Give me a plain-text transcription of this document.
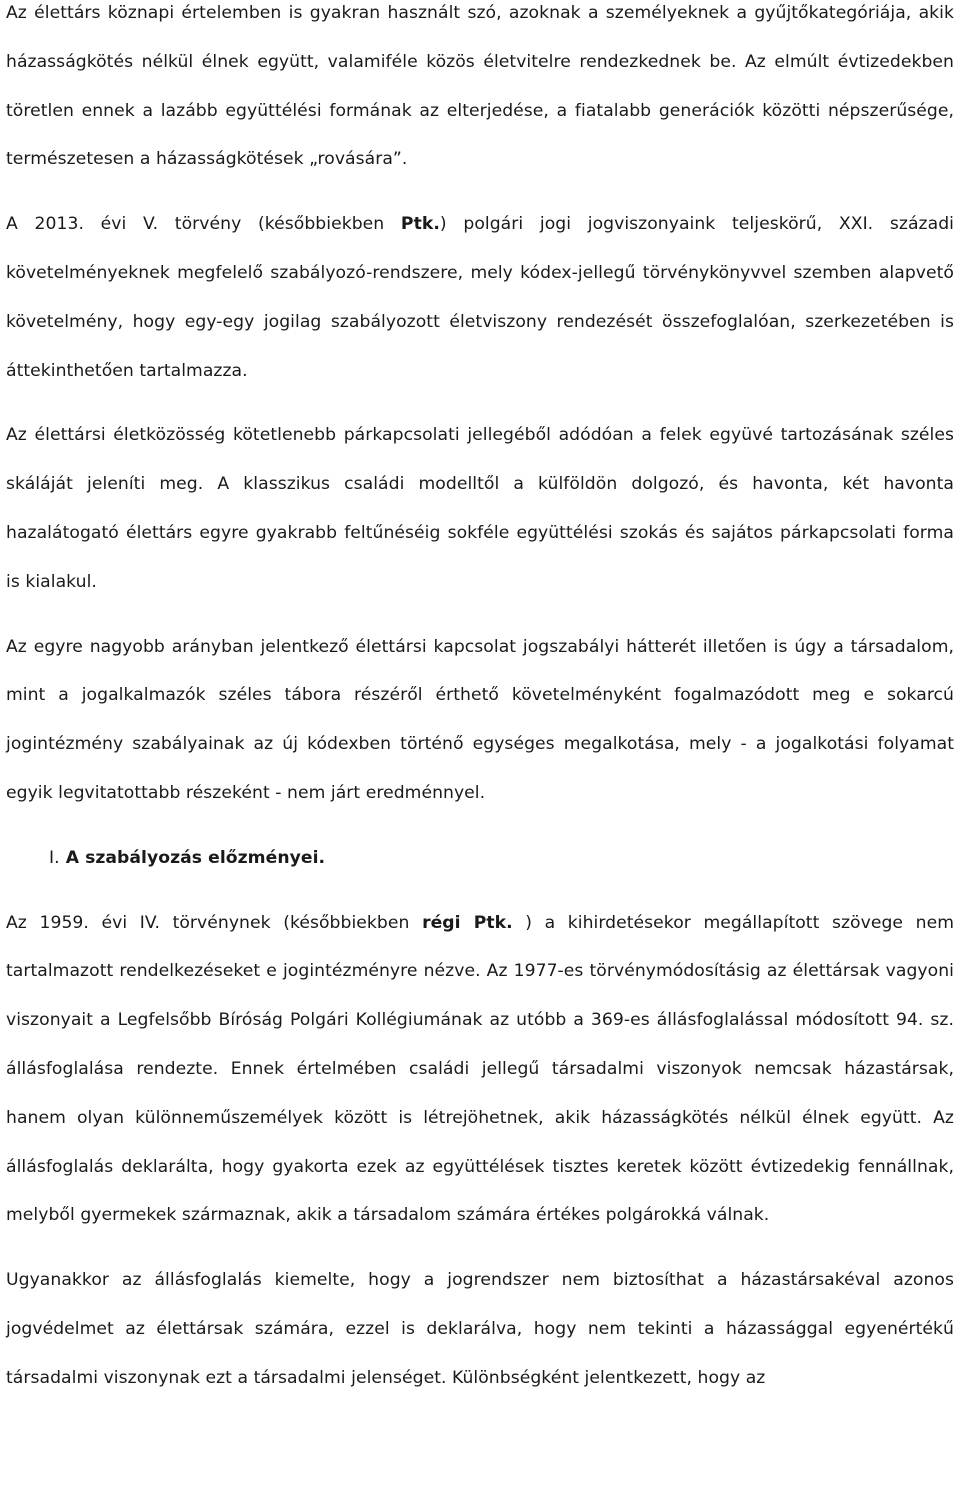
Az élettárs köznapi értelemben is gyakran használt szó, azoknak a személyeknek a gyűjtőkategóriája, akik házasságkötés nélkül élnek együtt, valamiféle közös életvitelre rendezkednek be. Az elmúlt évtizedekben töretlen ennek a lazább együttélési formának az elterjedése, a fiatalabb generációk közötti népszerűsége, természetesen a házasságkötések „rovására”.

A 2013. évi V. törvény (későbbiekben Ptk.) polgári jogi jogviszonyaink teljeskörű, XXI. századi követelményeknek megfelelő szabályozó-rendszere, mely kódex-jellegű törvénykönyvvel szemben alapvető követelmény, hogy egy-egy jogilag szabályozott életviszony rendezését összefoglalóan, szerkezetében is áttekinthetően tartalmazza.

Az élettársi életközösség kötetlenebb párkapcsolati jellegéből adódóan a felek együvé tartozásának széles skáláját jeleníti meg. A klasszikus családi modelltől a külföldön dolgozó, és havonta, két havonta hazalátogató élettárs egyre gyakrabb feltűnéséig sokféle együttélési szokás és sajátos párkapcsolati forma is kialakul.

Az egyre nagyobb arányban jelentkező élettársi kapcsolat jogszabályi hátterét illetően is úgy a társadalom, mint a jogalkalmazók széles tábora részéről érthető követelményként fogalmazódott meg e sokarcú jogintézmény szabályainak az új kódexben történő egységes megalkotása, mely - a jogalkotási folyamat egyik legvitatottabb részeként - nem járt eredménnyel.

I. A szabályozás előzményei.

Az 1959. évi IV. törvénynek (későbbiekben régi Ptk. ) a kihirdetésekor megállapított szövege nem tartalmazott rendelkezéseket e jogintézményre nézve. Az 1977-es törvénymódosításig az élettársak vagyoni viszonyait a Legfelsőbb Bíróság Polgári Kollégiumának az utóbb a 369-es állásfoglalással módosított 94. sz. állásfoglalása rendezte. Ennek értelmében családi jellegű társadalmi viszonyok nemcsak házastársak, hanem olyan különneműszemélyek között is létrejöhetnek, akik házasságkötés nélkül élnek együtt. Az állásfoglalás deklarálta, hogy gyakorta ezek az együttélések tisztes keretek között évtizedekig fennállnak, melyből gyermekek származnak, akik a társadalom számára értékes polgárokká válnak.

Ugyanakkor az állásfoglalás kiemelte, hogy a jogrendszer nem biztosíthat a házastársakéval azonos jogvédelmet az élettársak számára, ezzel is deklarálva, hogy nem tekinti a házassággal egyenértékű társadalmi viszonynak ezt a társadalmi jelenséget. Különbségként jelentkezett, hogy az
